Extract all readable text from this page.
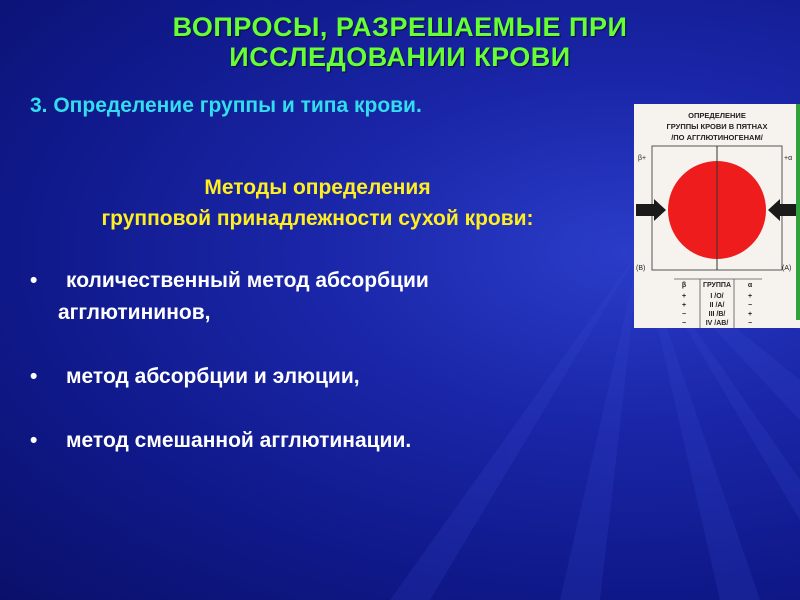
ВОПРОСЫ, РАЗРЕШАЕМЫЕ ПРИ
ИССЛЕДОВАНИИ КРОВИ
3. Определение группы и типа крови.
Методы определения
групповой принадлежности сухой крови:
• количественный метод абсорбции
агглютининов,
• метод абсорбции и элюции,
• метод смешанной агглютинации.
ОПРЕДЕЛЕНИЕ
ГРУППЫ КРОВИ В ПЯТНАХ
/ПО АГГЛЮТИНОГЕНАМ/
β+	+α
(В)	(А)
β ГРУППА α
+	I /O/	+
+	II /A/	−
−	III /B/	+
−	IV /AB/	−
